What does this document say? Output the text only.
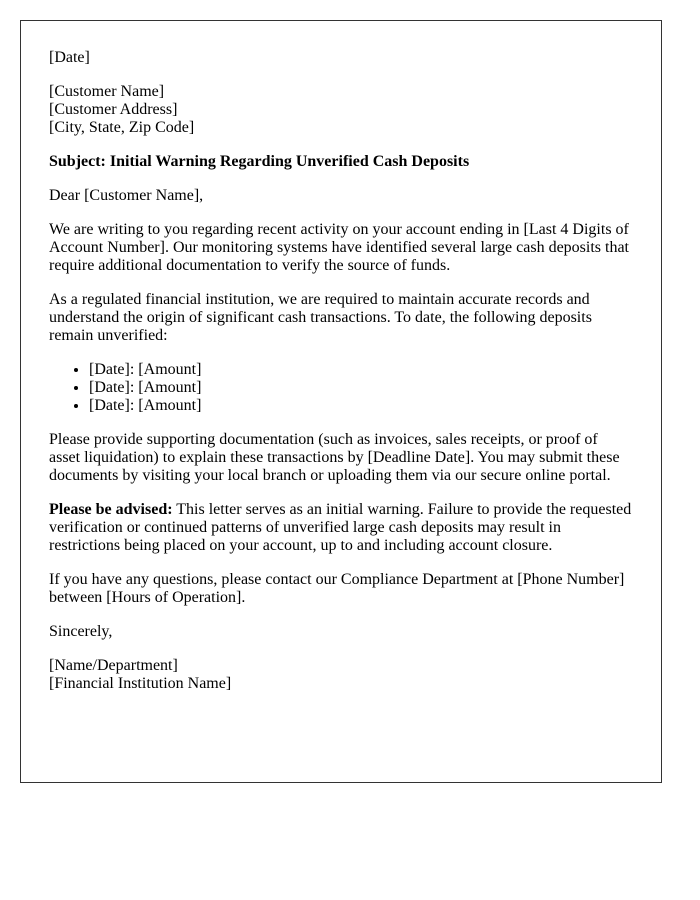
[Date]

[Customer Name]
[Customer Address]
[City, State, Zip Code]

Subject: Initial Warning Regarding Unverified Cash Deposits

Dear [Customer Name],

We are writing to you regarding recent activity on your account ending in [Last 4 Digits of Account Number]. Our monitoring systems have identified several large cash deposits that require additional documentation to verify the source of funds.

As a regulated financial institution, we are required to maintain accurate records and understand the origin of significant cash transactions. To date, the following deposits remain unverified:

• [Date]: [Amount]
• [Date]: [Amount]
• [Date]: [Amount]

Please provide supporting documentation (such as invoices, sales receipts, or proof of asset liquidation) to explain these transactions by [Deadline Date]. You may submit these documents by visiting your local branch or uploading them via our secure online portal.

Please be advised: This letter serves as an initial warning. Failure to provide the requested verification or continued patterns of unverified large cash deposits may result in restrictions being placed on your account, up to and including account closure.

If you have any questions, please contact our Compliance Department at [Phone Number] between [Hours of Operation].

Sincerely,

[Name/Department]
[Financial Institution Name]
